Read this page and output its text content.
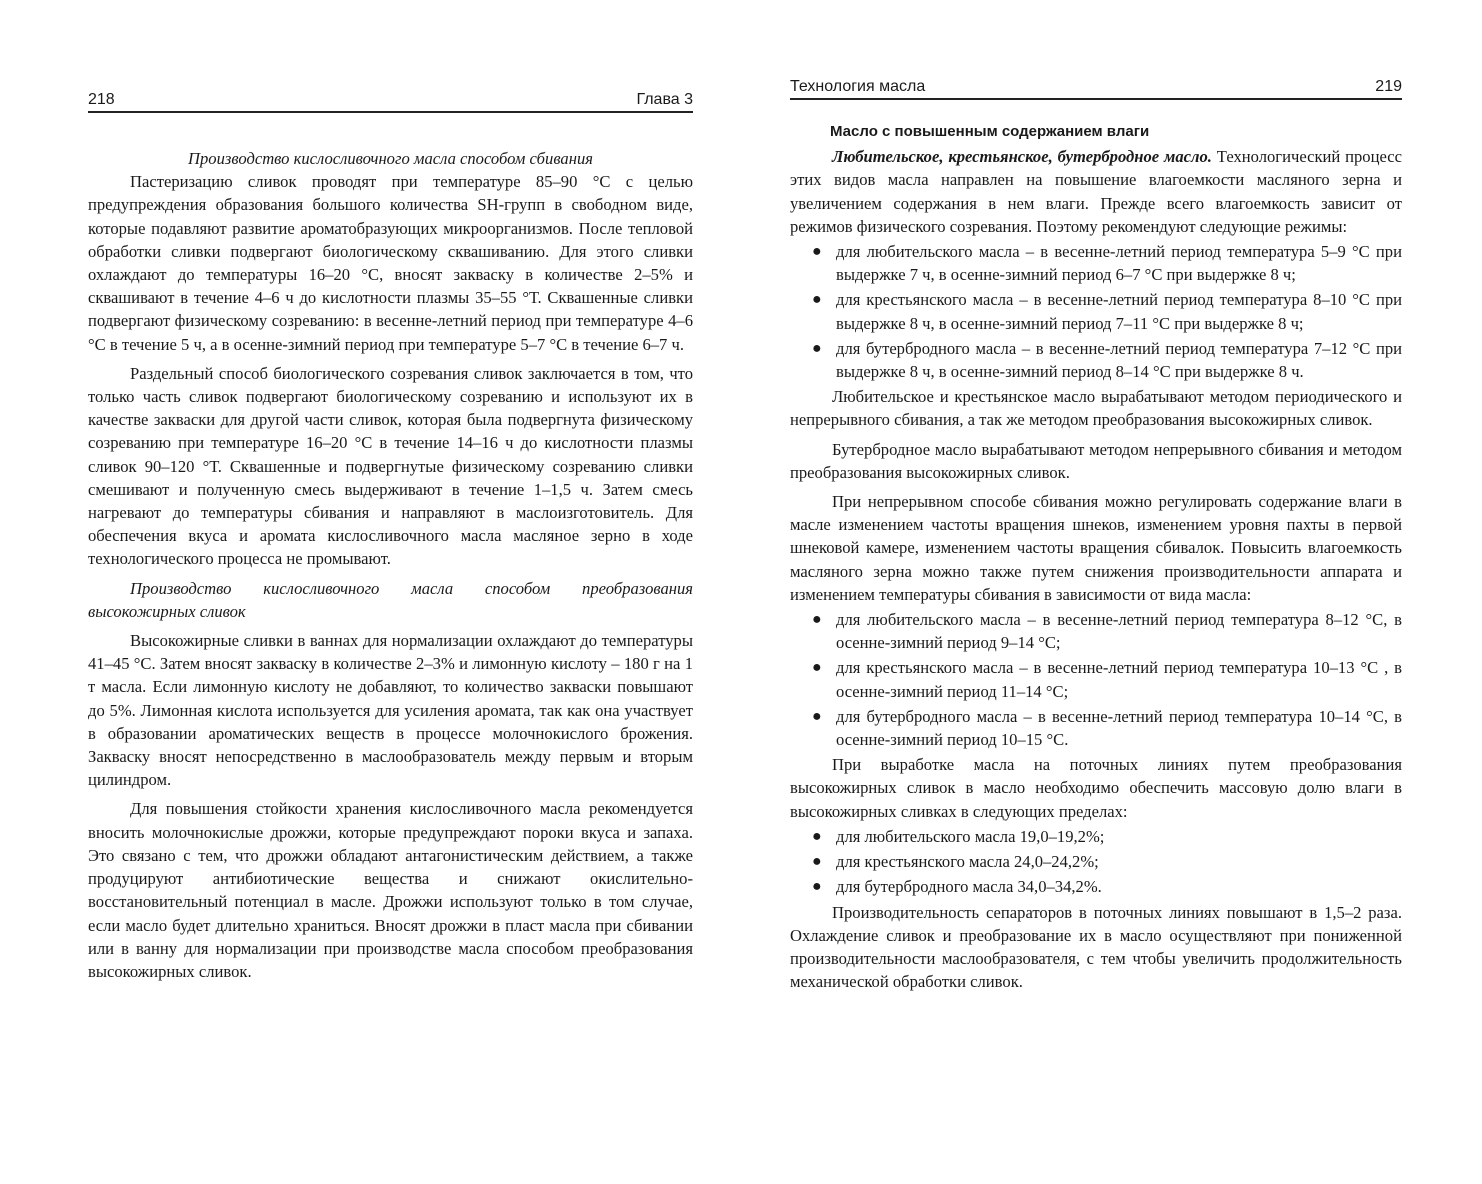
218	Глава 3

Производство кислосливочного масла способом сбивания

Пастеризацию сливок проводят при температуре 85–90 °С с целью предупреждения образования большого количества SH-групп в свободном виде, которые подавляют развитие ароматобразующих микроорганизмов. После тепловой обработки сливки подвергают биологическому сквашиванию. Для этого сливки охлаждают до температуры 16–20 °С, вносят закваску в количестве 2–5% и сквашивают в течение 4–6 ч до кислотности плазмы 35–55 °Т. Сквашенные сливки подвергают физическому созреванию: в весенне-летний период при температуре 4–6 °С в течение 5 ч, а в осенне-зимний период при температуре 5–7 °С в течение 6–7 ч.

Раздельный способ биологического созревания сливок заключается в том, что только часть сливок подвергают биологическому созреванию и используют их в качестве закваски для другой части сливок, которая была подвергнута физическому созреванию при температуре 16–20 °С в течение 14–16 ч до кислотности плазмы сливок 90–120 °Т. Сквашенные и подвергнутые физическому созреванию сливки смешивают и полученную смесь выдерживают в течение 1–1,5 ч. Затем смесь нагревают до температуры сбивания и направляют в маслоизготовитель. Для обеспечения вкуса и аромата кислосливочного масла масляное зерно в ходе технологического процесса не промывают.

Производство кислосливочного масла способом преобразования высокожирных сливок

Высокожирные сливки в ваннах для нормализации охлаждают до температуры 41–45 °С. Затем вносят закваску в количестве 2–3% и лимонную кислоту – 180 г на 1 т масла. Если лимонную кислоту не добавляют, то количество закваски повышают до 5%. Лимонная кислота используется для усиления аромата, так как она участвует в образовании ароматических веществ в процессе молочнокислого брожения. Закваску вносят непосредственно в маслообразователь между первым и вторым цилиндром.

Для повышения стойкости хранения кислосливочного масла рекомендуется вносить молочнокислые дрожжи, которые предупреждают пороки вкуса и запаха. Это связано с тем, что дрожжи обладают антагонистическим действием, а также продуцируют антибиотические вещества и снижают окислительно-восстановительный потенциал в масле. Дрожжи используют только в том случае, если масло будет длительно храниться. Вносят дрожжи в пласт масла при сбивании или в ванну для нормализации при производстве масла способом преобразования высокожирных сливок.

Технология масла	219
Масло с повышенным содержанием влаги

Любительское, крестьянское, бутербродное масло. Технологический процесс этих видов масла направлен на повышение влагоемкости масляного зерна и увеличением содержания в нем влаги. Прежде всего влагоемкость зависит от режимов физического созревания. Поэтому рекомендуют следующие режимы:

● для любительского масла – в весенне-летний период температура 5–9 °С при выдержке 7 ч, в осенне-зимний период 6–7 °С при выдержке 8 ч;
● для крестьянского масла – в весенне-летний период температура 8–10 °С при выдержке 8 ч, в осенне-зимний период 7–11 °С при выдержке 8 ч;
● для бутербродного масла – в весенне-летний период температура 7–12 °С при выдержке 8 ч, в осенне-зимний период 8–14 °С при выдержке 8 ч.

Любительское и крестьянское масло вырабатывают методом периодического и непрерывного сбивания, а так же методом преобразования высокожирных сливок.

Бутербродное масло вырабатывают методом непрерывного сбивания и методом преобразования высокожирных сливок.

При непрерывном способе сбивания можно регулировать содержание влаги в масле изменением частоты вращения шнеков, изменением уровня пахты в первой шнековой камере, изменением частоты вращения сбивалок. Повысить влагоемкость масляного зерна можно также путем снижения производительности аппарата и изменением температуры сбивания в зависимости от вида масла:

● для любительского масла – в весенне-летний период температура 8–12 °С, в осенне-зимний период 9–14 °С;
● для крестьянского масла – в весенне-летний период температура 10–13 °С , в осенне-зимний период 11–14 °С;
● для бутербродного масла – в весенне-летний период температура 10–14 °С, в осенне-зимний период 10–15 °С.

При выработке масла на поточных линиях путем преобразования высокожирных сливок в масло необходимо обеспечить массовую долю влаги в высокожирных сливках в следующих пределах:

● для любительского масла 19,0–19,2%;
● для крестьянского масла 24,0–24,2%;
● для бутербродного масла 34,0–34,2%.

Производительность сепараторов в поточных линиях повышают в 1,5–2 раза. Охлаждение сливок и преобразование их в масло осуществляют при пониженной производительности маслообразователя, с тем чтобы увеличить продолжительность механической обработки сливок.
